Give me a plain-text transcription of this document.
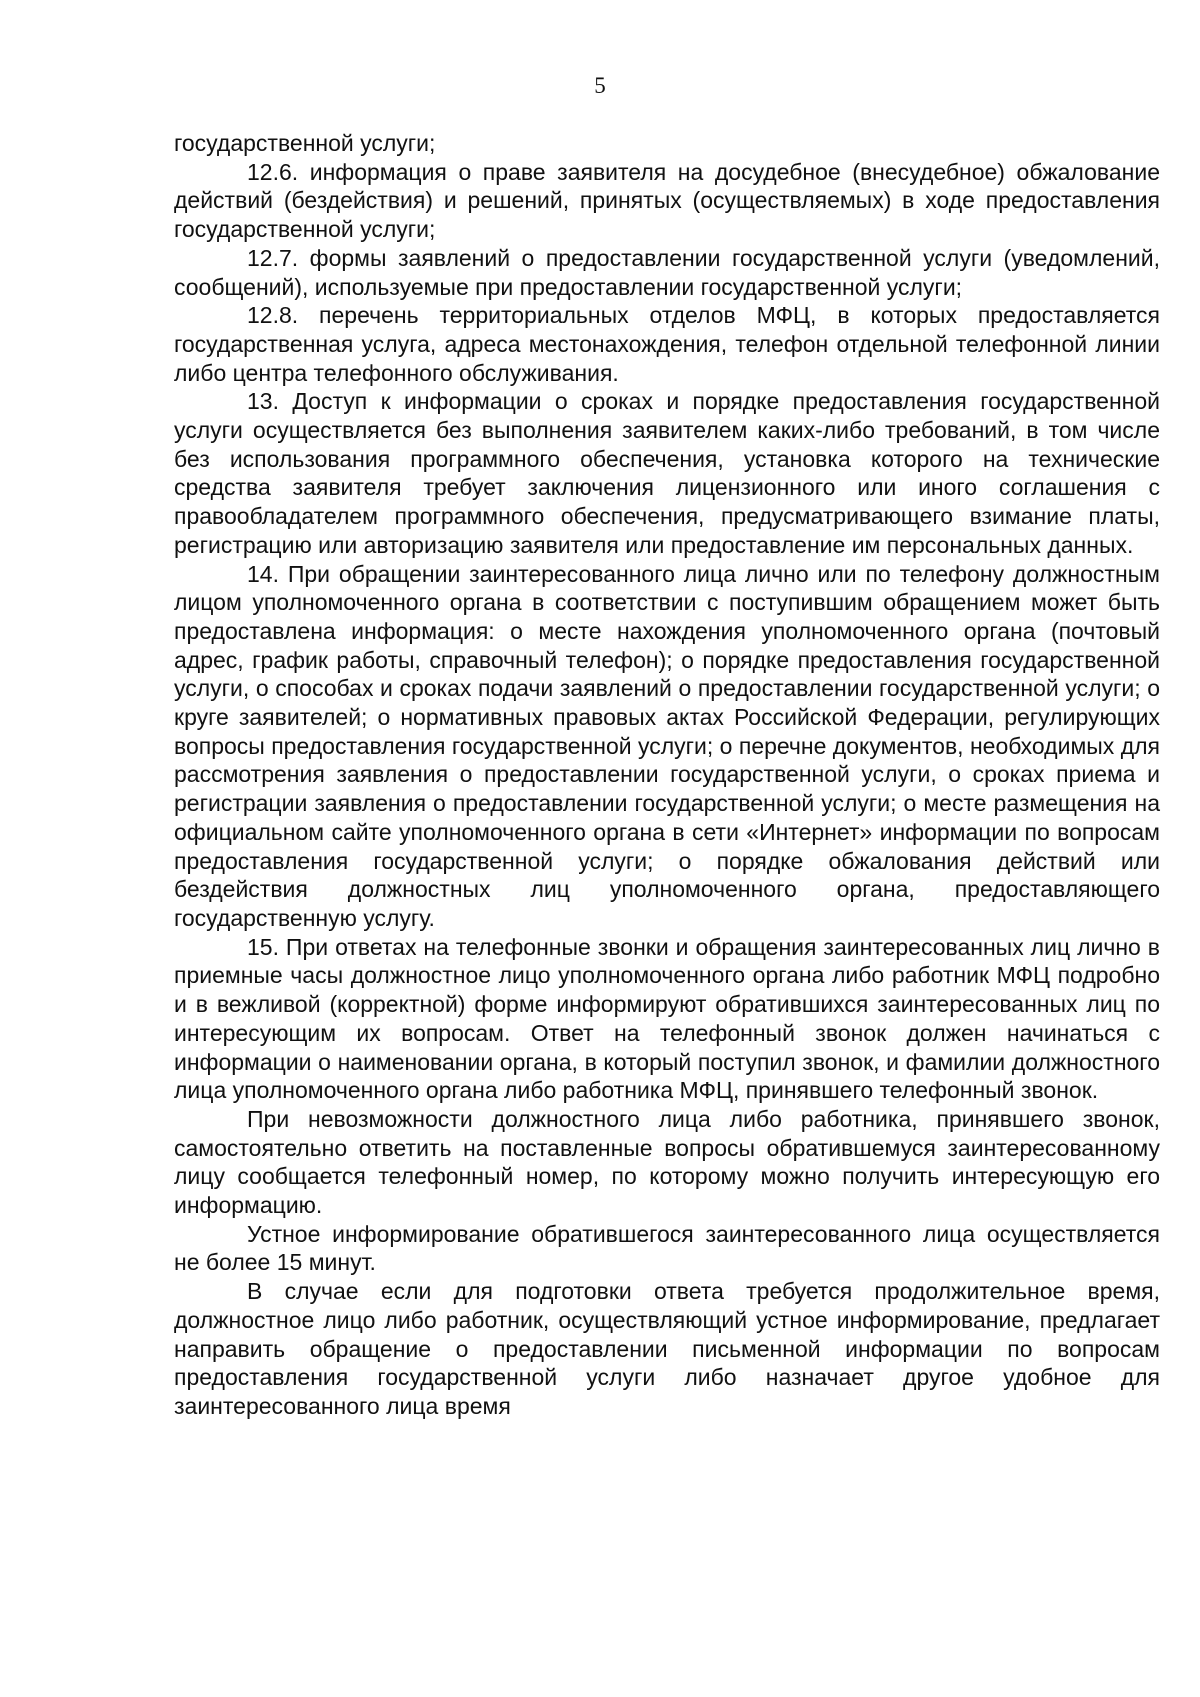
5

государственной услуги;

12.6. информация о праве заявителя на досудебное (внесудебное) обжалование действий (бездействия) и решений, принятых (осуществляемых) в ходе предоставления государственной услуги;

12.7. формы заявлений о предоставлении государственной услуги (уведомлений, сообщений), используемые при предоставлении государственной услуги;

12.8. перечень территориальных отделов МФЦ, в которых предоставляется государственная услуга, адреса местонахождения, телефон отдельной телефонной линии либо центра телефонного обслуживания.

13. Доступ к информации о сроках и порядке предоставления государственной услуги осуществляется без выполнения заявителем каких-либо требований, в том числе без использования программного обеспечения, установка которого на технические средства заявителя требует заключения лицензионного или иного соглашения с правообладателем программного обеспечения, предусматривающего взимание платы, регистрацию или авторизацию заявителя или предоставление им персональных данных.

14. При обращении заинтересованного лица лично или по телефону должностным лицом уполномоченного органа в соответствии с поступившим обращением может быть предоставлена информация: о месте нахождения уполномоченного органа (почтовый адрес, график работы, справочный телефон); о порядке предоставления государственной услуги, о способах и сроках подачи заявлений о предоставлении государственной услуги; о круге заявителей; о нормативных правовых актах Российской Федерации, регулирующих вопросы предоставления государственной услуги; о перечне документов, необходимых для рассмотрения заявления о предоставлении государственной услуги, о сроках приема и регистрации заявления о предоставлении государственной услуги; о месте размещения на официальном сайте уполномоченного органа в сети «Интернет» информации по вопросам предоставления государственной услуги; о порядке обжалования действий или бездействия должностных лиц уполномоченного органа, предоставляющего государственную услугу.

15. При ответах на телефонные звонки и обращения заинтересованных лиц лично в приемные часы должностное лицо уполномоченного органа либо работник МФЦ подробно и в вежливой (корректной) форме информируют обратившихся заинтересованных лиц по интересующим их вопросам. Ответ на телефонный звонок должен начинаться с информации о наименовании органа, в который поступил звонок, и фамилии должностного лица уполномоченного органа либо работника МФЦ, принявшего телефонный звонок.

При невозможности должностного лица либо работника, принявшего звонок, самостоятельно ответить на поставленные вопросы обратившемуся заинтересованному лицу сообщается телефонный номер, по которому можно получить интересующую его информацию.

Устное информирование обратившегося заинтересованного лица осуществляется не более 15 минут.

В случае если для подготовки ответа требуется продолжительное время, должностное лицо либо работник, осуществляющий устное информирование, предлагает направить обращение о предоставлении письменной информации по вопросам предоставления государственной услуги либо назначает другое удобное для заинтересованного лица время
